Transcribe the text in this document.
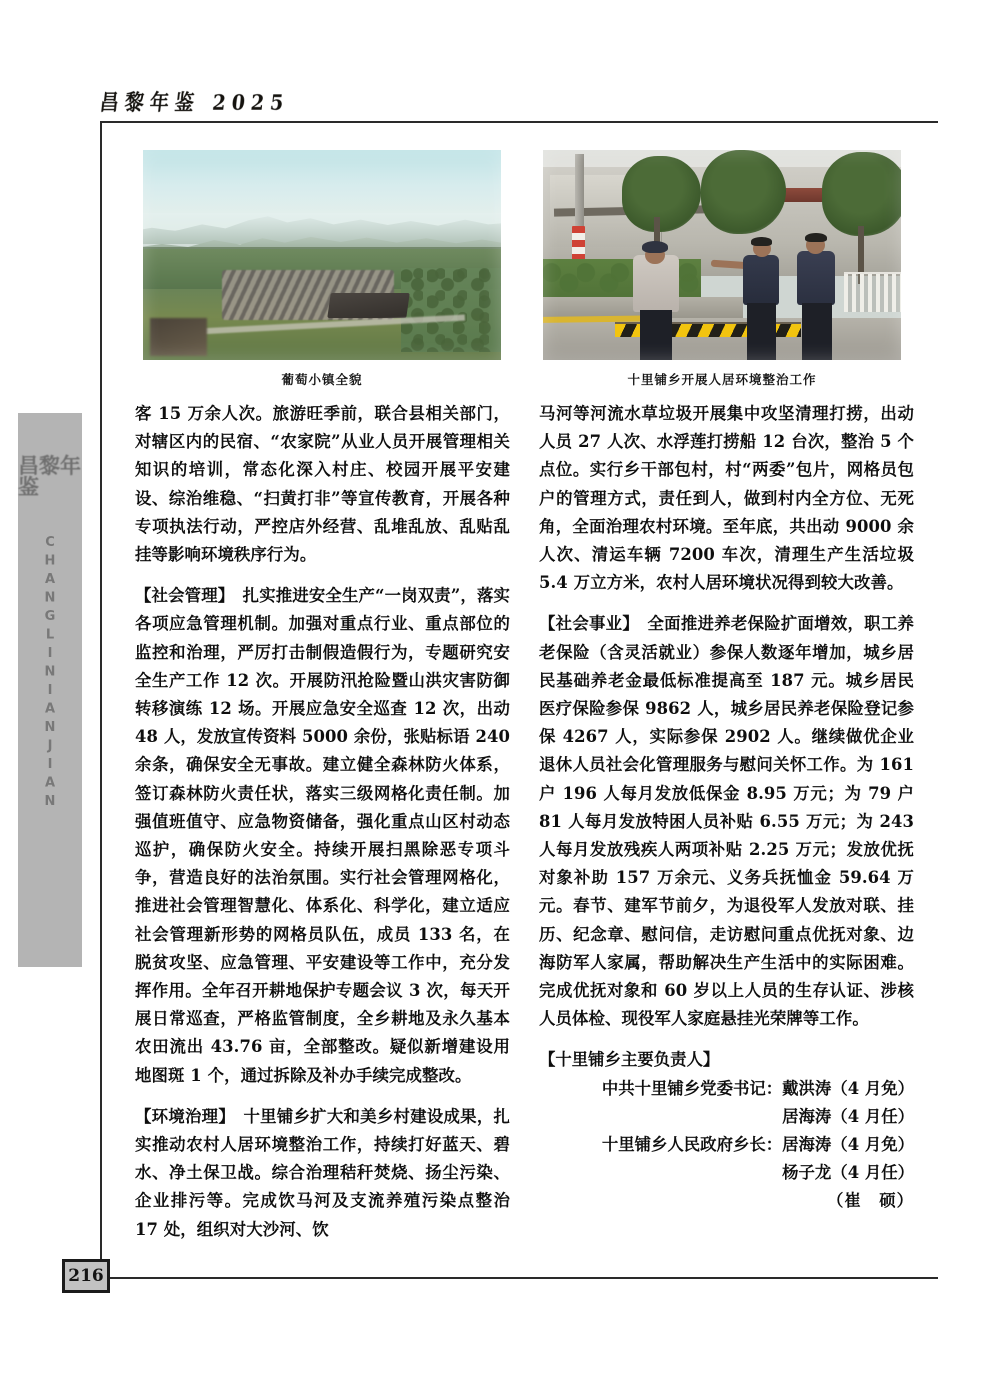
昌黎年鉴 2025
昌黎年鉴
CHANGLINIANJIAN
216
葡萄小镇全貌	十里铺乡开展人居环境整治工作

客 15 万余人次。旅游旺季前，联合县相关部门，对辖区内的民宿、“农家院”从业人员开展管理相关知识的培训，常态化深入村庄、校园开展平安建设、综治维稳、“扫黄打非”等宣传教育，开展各种专项执法行动，严控店外经营、乱堆乱放、乱贴乱挂等影响环境秩序行为。

【社会管理】　扎实推进安全生产“一岗双责”，落实各项应急管理机制。加强对重点行业、重点部位的监控和治理，严厉打击制假造假行为，专题研究安全生产工作 12 次。开展防汛抢险暨山洪灾害防御转移演练 12 场。开展应急安全巡查 12 次，出动 48 人，发放宣传资料 5000 余份，张贴标语 240 余条，确保安全无事故。建立健全森林防火体系，签订森林防火责任状，落实三级网格化责任制。加强值班值守、应急物资储备，强化重点山区村动态巡护，确保防火安全。持续开展扫黑除恶专项斗争，营造良好的法治氛围。实行社会管理网格化，推进社会管理智慧化、体系化、科学化，建立适应社会管理新形势的网格员队伍，成员 133 名，在脱贫攻坚、应急管理、平安建设等工作中，充分发挥作用。全年召开耕地保护专题会议 3 次，每天开展日常巡查，严格监管制度，全乡耕地及永久基本农田流出 43.76 亩，全部整改。疑似新增建设用地图斑 1 个，通过拆除及补办手续完成整改。

【环境治理】　十里铺乡扩大和美乡村建设成果，扎实推动农村人居环境整治工作，持续打好蓝天、碧水、净土保卫战。综合治理秸秆焚烧、扬尘污染、企业排污等。完成饮马河及支流养殖污染点整治 17 处，组织对大沙河、饮

马河等河流水草垃圾开展集中攻坚清理打捞，出动人员 27 人次、水浮莲打捞船 12 台次，整治 5 个点位。实行乡干部包村，村“两委”包片，网格员包户的管理方式，责任到人，做到村内全方位、无死角，全面治理农村环境。至年底，共出动 9000 余人次、清运车辆 7200 车次，清理生产生活垃圾 5.4 万立方米，农村人居环境状况得到较大改善。

【社会事业】　全面推进养老保险扩面增效，职工养老保险（含灵活就业）参保人数逐年增加，城乡居民基础养老金最低标准提高至 187 元。城乡居民医疗保险参保 9862 人，城乡居民养老保险登记参保 4267 人，实际参保 2902 人。继续做优企业退休人员社会化管理服务与慰问关怀工作。为 161 户 196 人每月发放低保金 8.95 万元；为 79 户 81 人每月发放特困人员补贴 6.55 万元；为 243 人每月发放残疾人两项补贴 2.25 万元；发放优抚对象补助 157 万余元、义务兵抚恤金 59.64 万元。春节、建军节前夕，为退役军人发放对联、挂历、纪念章、慰问信，走访慰问重点优抚对象、边海防军人家属，帮助解决生产生活中的实际困难。完成优抚对象和 60 岁以上人员的生存认证、涉核人员体检、现役军人家庭悬挂光荣牌等工作。

【十里铺乡主要负责人】

中共十里铺乡党委书记：戴洪涛（4 月免）

居海涛（4 月任）

十里铺乡人民政府乡长：居海涛（4 月免）

杨子龙（4 月任）

（崔　硕）
